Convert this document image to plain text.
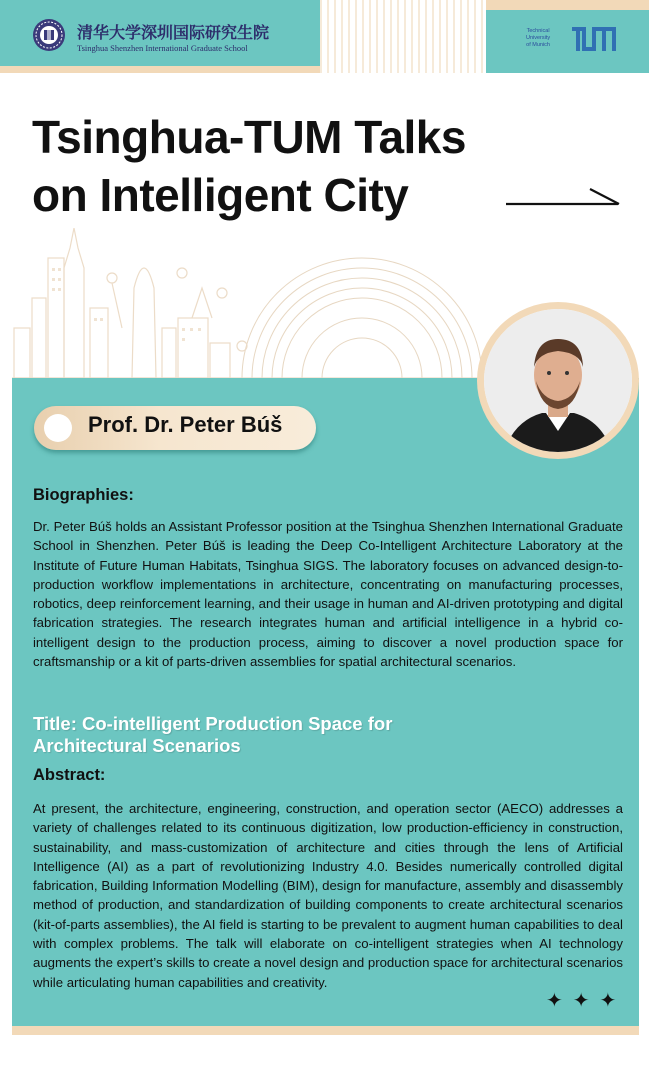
清华大学深圳国际研究生院
Tsinghua Shenzhen International Graduate School
Technical
University
of Munich
Tsinghua-TUM Talks
on Intelligent City
Prof. Dr. Peter Búš
Biographies:
Dr. Peter Búš holds an Assistant Professor position at the Tsinghua Shenzhen International Graduate School in Shenzhen. Peter Búš is leading the Deep Co-Intelligent Architecture Laboratory at the Institute of Future Human Habitats, Tsinghua SIGS. The laboratory focuses on advanced design-to-production workflow implementations in architecture, concentrating on manufacturing processes, robotics, deep reinforcement learning, and their usage in human and AI-driven prototyping and digital fabrication strategies. The research integrates human and artificial intelligence in a hybrid co-intelligent design to the production process, aiming to discover a novel production space for craftsmanship or a kit of parts-driven assemblies for spatial architectural scenarios.
Title: Co-intelligent Production Space for
Architectural Scenarios
Abstract:
At present, the architecture, engineering, construction, and operation sector (AECO) addresses a variety of challenges related to its continuous digitization, low production-efficiency in construction, sustainability, and mass-customization of architecture and cities through the lens of Artificial Intelligence (AI) as a part of revolutionizing Industry 4.0. Besides numerically controlled digital fabrication, Building Information Modelling (BIM), design for manufacture, assembly and disassembly method of production, and standardization of building components to create architectural scenarios (kit-of-parts assemblies), the AI field is starting to be prevalent to augment human capabilities to deal with complex problems. The talk will elaborate on co-intelligent strategies when AI technology augments the expert’s skills to create a novel design and production space for architectural scenarios while articulating human capabilities and creativity.
✦✦✦
